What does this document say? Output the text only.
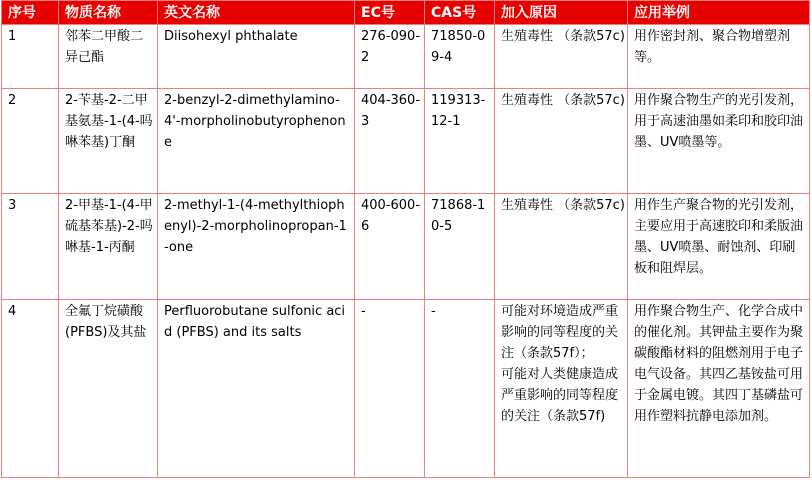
序号	物质名称	英文名称	EC号	CAS号	加入原因	应用举例
1	邻苯二甲酸二异己酯	Diisohexyl phthalate	276-090-2	71850-09-4	生殖毒性 （条款57c)	用作密封剂、聚合物增塑剂等。
2	2-苄基-2-二甲基氨基-1-(4-吗啉苯基)丁酮	2-benzyl-2-dimethylamino-4'-morpholinobutyrophenone	404-360-3	119313-12-1	生殖毒性 （条款57c)	用作聚合物生产的光引发剂，用于高速油墨如柔印和胶印油墨、UV喷墨等。
3	2-甲基-1-(4-甲硫基苯基)-2-吗啉基-1-丙酮	2-methyl-1-(4-methylthiophenyl)-2-morpholinopropan-1-one	400-600-6	71868-10-5	生殖毒性 （条款57c)	用作生产聚合物的光引发剂，主要应用于高速胶印和柔版油墨、UV喷墨、耐蚀剂、印刷板和阻焊层。
4	全氟丁烷磺酸(PFBS)及其盐	Perfluorobutane sulfonic acid (PFBS) and its salts	-	-	可能对环境造成严重影响的同等程度的关注（条款57f）；
可能对人类健康造成严重影响的同等程度的关注（条款57f)	用作聚合物生产、化学合成中的催化剂。其钾盐主要作为聚碳酸酯材料的阻燃剂用于电子电气设备。其四乙基铵盐可用于金属电镀。其四丁基磷盐可用作塑料抗静电添加剂。
